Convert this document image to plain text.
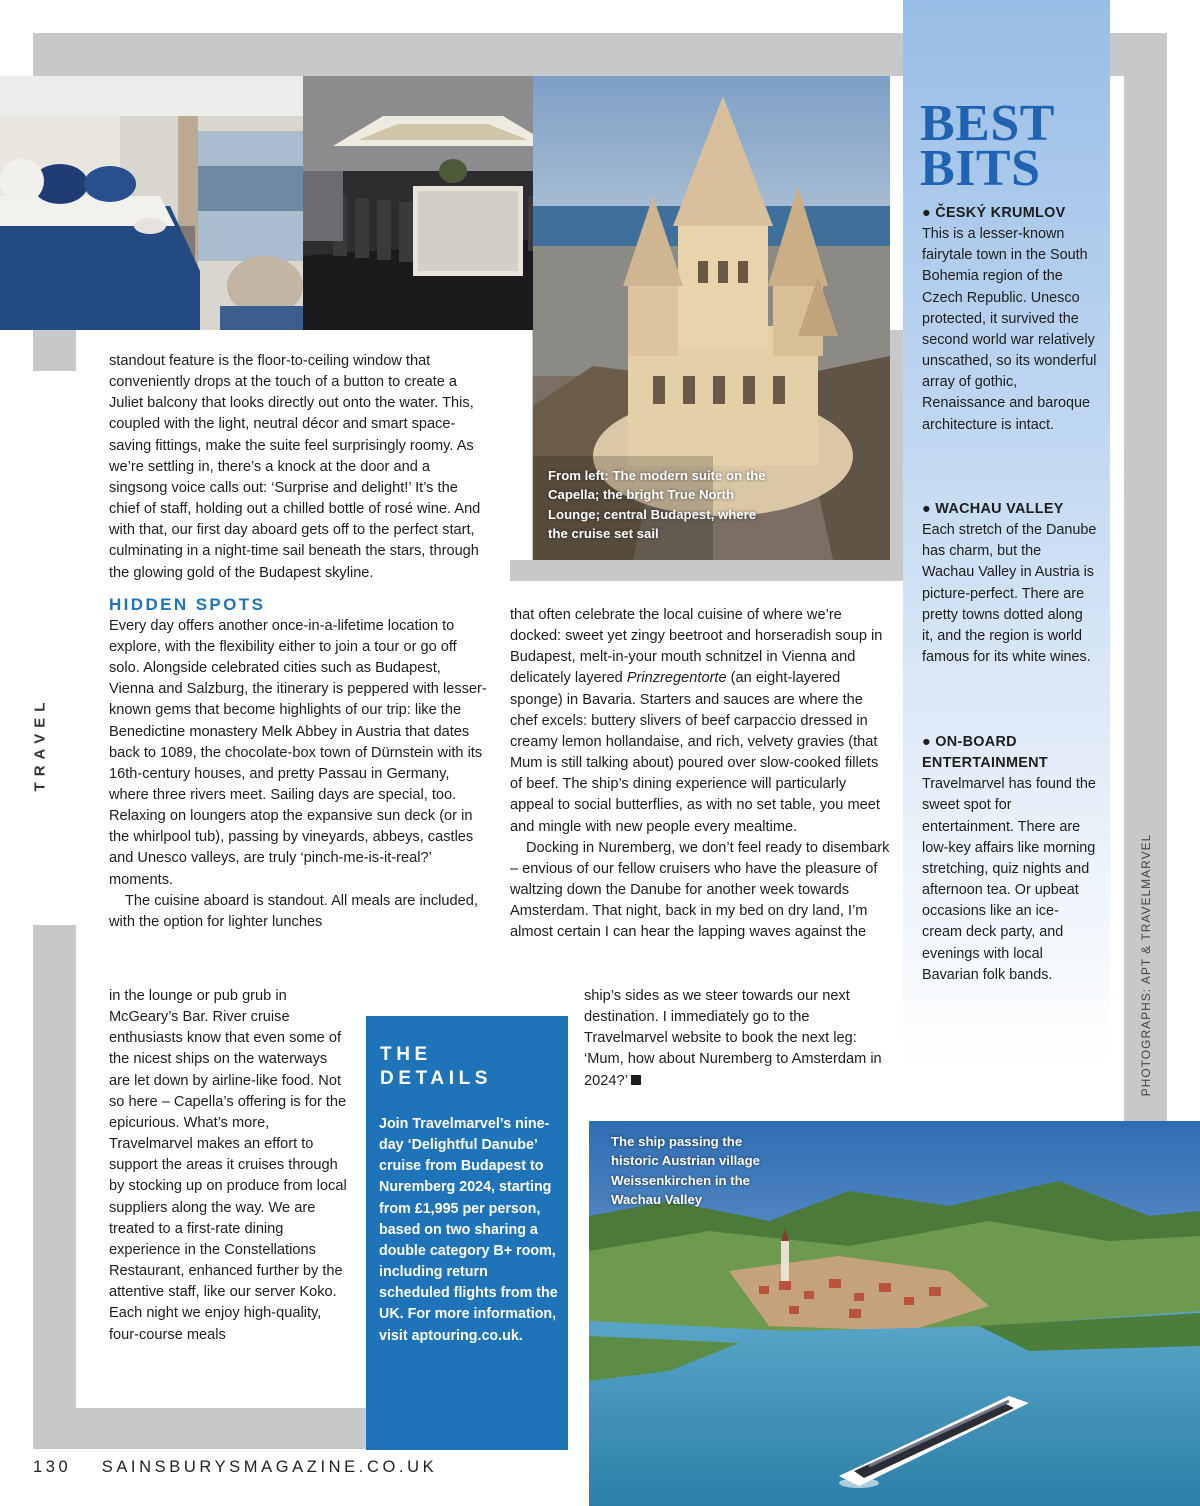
From left: The modern suite on the Capella; the bright True North Lounge; central Budapest, where the cruise set sail
BEST
BITS
● ČESKÝ KRUMLOV
This is a lesser-known fairytale town in the South Bohemia region of the Czech Republic. Unesco protected, it survived the second world war relatively unscathed, so its wonderful array of gothic, Renaissance and baroque architecture is intact.
● WACHAU VALLEY
Each stretch of the Danube has charm, but the Wachau Valley in Austria is picture-perfect. There are pretty towns dotted along it, and the region is world famous for its white wines.
● ON-BOARD ENTERTAINMENT
Travelmarvel has found the sweet spot for entertainment. There are low-key affairs like morning stretching, quiz nights and afternoon tea. Or upbeat occasions like an ice-cream deck party, and evenings with local Bavarian folk bands.

standout feature is the floor-to-ceiling window that conveniently drops at the touch of a button to create a Juliet balcony that looks directly out onto the water. This, coupled with the light, neutral décor and smart space-saving fittings, make the suite feel surprisingly roomy. As we’re settling in, there’s a knock at the door and a singsong voice calls out: ‘Surprise and delight!’ It’s the chief of staff, holding out a chilled bottle of rosé wine. And with that, our first day aboard gets off to the perfect start, culminating in a night-time sail beneath the stars, through the glowing gold of the Budapest skyline.

HIDDEN SPOTS

Every day offers another once-in-a-lifetime location to explore, with the flexibility either to join a tour or go off solo. Alongside celebrated cities such as Budapest, Vienna and Salzburg, the itinerary is peppered with lesser-known gems that become highlights of our trip: like the Benedictine monastery Melk Abbey in Austria that dates back to 1089, the chocolate-box town of Dürnstein with its 16th-century houses, and pretty Passau in Germany, where three rivers meet. Sailing days are special, too. Relaxing on loungers atop the expansive sun deck (or in the whirlpool tub), passing by vineyards, abbeys, castles and Unesco valleys, are truly ‘pinch-me-is-it-real?’ moments.

The cuisine aboard is standout. All meals are included, with the option for lighter lunches

in the lounge or pub grub in McGeary’s Bar. River cruise enthusiasts know that even some of the nicest ships on the waterways are let down by airline-like food. Not so here – Capella’s offering is for the epicurious. What’s more, Travelmarvel makes an effort to support the areas it cruises through by stocking up on produce from local suppliers along the way. We are treated to a first-rate dining experience in the Constellations Restaurant, enhanced further by the attentive staff, like our server Koko. Each night we enjoy high-quality, four-course meals

that often celebrate the local cuisine of where we’re docked: sweet yet zingy beetroot and horseradish soup in Budapest, melt-in-your mouth schnitzel in Vienna and delicately layered Prinzregentorte (an eight-layered sponge) in Bavaria. Starters and sauces are where the chef excels: buttery slivers of beef carpaccio dressed in creamy lemon hollandaise, and rich, velvety gravies (that Mum is still talking about) poured over slow-cooked fillets of beef. The ship’s dining experience will particularly appeal to social butterflies, as with no set table, you meet and mingle with new people every mealtime.

Docking in Nuremberg, we don’t feel ready to disembark – envious of our fellow cruisers who have the pleasure of waltzing down the Danube for another week towards Amsterdam. That night, back in my bed on dry land, I’m almost certain I can hear the lapping waves against the

ship’s sides as we steer towards our next destination. I immediately go to the Travelmarvel website to book the next leg: ‘Mum, how about Nuremberg to Amsterdam in 2024?’

THE
DETAILS
Join Travelmarvel’s nine-day ‘Delightful Danube’ cruise from Budapest to Nuremberg 2024, starting from £1,995 per person, based on two sharing a double category B+ room, including return scheduled flights from the UK. For more information, visit aptouring.co.uk.
The ship passing the historic Austrian village Weissenkirchen in the Wachau Valley
TRAVEL
PHOTOGRAPHS: APT & TRAVELMARVEL
130 SAINSBURYSMAGAZINE.CO.UK
